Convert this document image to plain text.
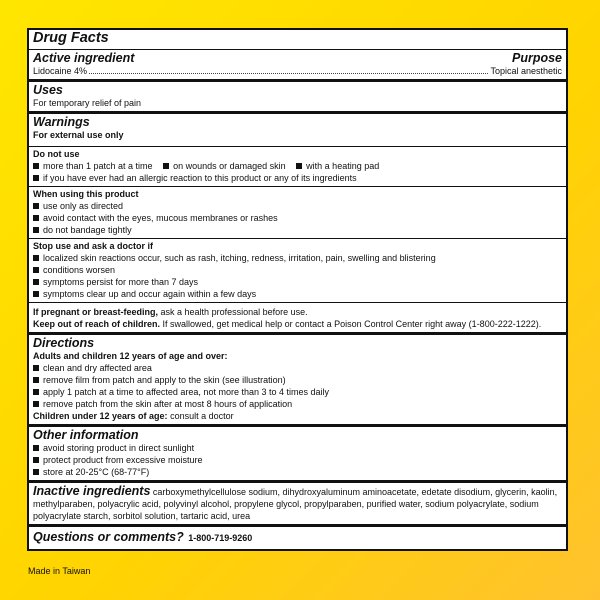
Drug Facts
Active ingredient	Purpose
Lidocaine 4%	Topical anesthetic
Uses
For temporary relief of pain
Warnings
For external use only
Do not use
more than 1 patch at a time on wounds or damaged skin with a heating pad
if you have ever had an allergic reaction to this product or any of its ingredients
When using this product
use only as directed
avoid contact with the eyes, mucous membranes or rashes
do not bandage tightly
Stop use and ask a doctor if
localized skin reactions occur, such as rash, itching, redness, irritation, pain, swelling and blistering
conditions worsen
symptoms persist for more than 7 days
symptoms clear up and occur again within a few days
If pregnant or breast-feeding, ask a health professional before use.
Keep out of reach of children. If swallowed, get medical help or contact a Poison Control Center right away (1-800-222-1222).
Directions
Adults and children 12 years of age and over:
clean and dry affected area
remove film from patch and apply to the skin (see illustration)
apply 1 patch at a time to affected area, not more than 3 to 4 times daily
remove patch from the skin after at most 8 hours of application
Children under 12 years of age: consult a doctor
Other information
avoid storing product in direct sunlight
protect product from excessive moisture
store at 20-25°C (68-77°F)
Inactive ingredients carboxymethylcellulose sodium, dihydroxyaluminum aminoacetate, edetate disodium, glycerin, kaolin, methylparaben, polyacrylic acid, polyvinyl alcohol, propylene glycol, propylparaben, purified water, sodium polyacrylate, sodium polyacrylate starch, sorbitol solution, tartaric acid, urea
Questions or comments? 1-800-719-9260
Made in Taiwan
